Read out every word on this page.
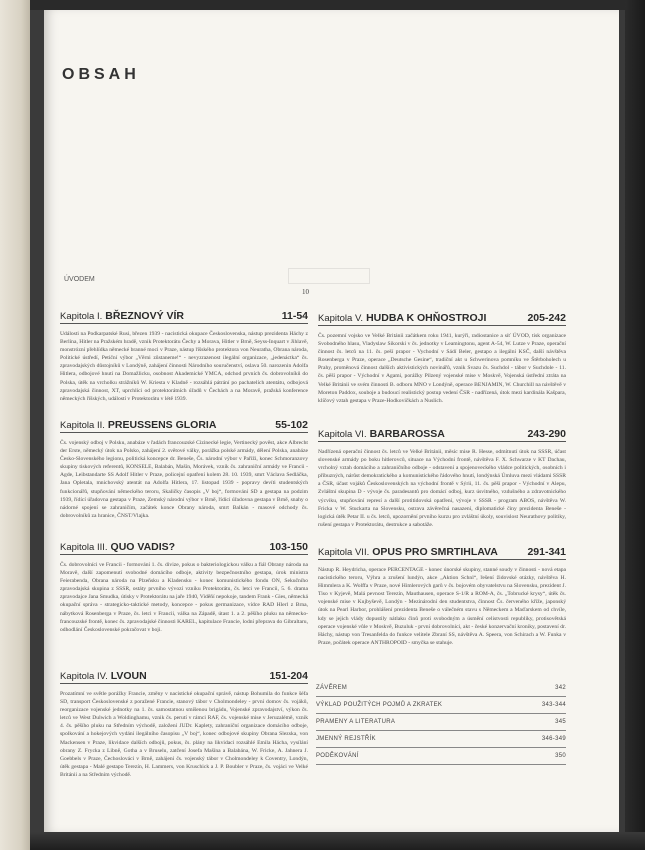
OBSAH
ÚVODEM
10
Kapitola I. BŘEZNOVÝ VÍR	11-54
Události na Podkarpatské Rusi, březen 1939 - nacistická okupace Československa, nástup prezidenta Háchy z Berlína, Hitler na Pražském hradě, vznik Protektorátu Čechy a Morava, Hitler v Brně, Seyss-Inquart v Jihlavě, monstrózní přehlídka německé branné moci v Praze, nástup říšského protektora von Neuratha, Obrana národa, Politické ústředí, Petiční výbor „Věrni zůstaneme!“ - nevyzrazenost ilegální organizace, „jedenáctka“ čs. zpravodajských důstojníků v Londýně, zahájení činnosti Národního souručenství, oslava 50. narozenin Adolfa Hitlera, odbojové hnutí na Domažlicku, osobnost Akademické YMCA, odchod prvních čs. dobrovolníků do Polska, útěk na vrcholku strážníků W. Kriesta v Kladně - rozsáhlá pátrání po pachatelích atentátu, odbojová zpravodajská činnost, XT, uprchlíci od protektorátních úřadů v Čechách a na Moravě, pražská konference německých říšských, událostí v Protektorátu v létě 1939.
Kapitola II. PREUSSENS GLORIA	55-102
Čs. vojenský odboj v Polsku, anabáze v řadách francouzské Cizinecké legie, Vertinecký pověst, akce Albrecht der Erste, německý útok na Polsko, zahájení 2. světové války, porážka polské armády, dělení Polska, anabáze Česko-Slovenského legionu, politická koncepce dr. Beneše, Čs. národní výbor v Paříži, konec Schmoranzovy skupiny tiskových referentů, KONSELE, Balabán, Mašín, Morávek, vznik čs. zahraniční armády ve Francii - Agde, Leibstandarte SS Adolf Hitler v Praze, policejní opatření kolem 28. 10. 1939, smrt Václava Sedláčka, Jana Opletala, mnichovský atentát na Adolfa Hitlera, 17. listopad 1939 - popravy devíti studentských funkcionářů, stupňování německého teroru, Skaličky časopis „V boj“, formování SD a gestapa na podzim 1939, řídící úřadovna gestapa v Praze, Zemský národní výbor v Brně, řídící úřadovna gestapa v Brně, snahy o nádorné spojení se zahraničím, začátek konce Obrany národa, smrt Balkán - masové odchody čs. dobrovolníků za hranice, ČNST/Vlajka.
Kapitola III. QUO VADIS?	103-150
Čs. dobrovolníci ve Francii - formování 1. čs. divize, pokus o bakteriologickou válku a fiál Obrany národa na Moravě, další zapomenutí svobodné domácího odboje, aktivity bezpečnostního gestapa, úrok ministra Feierabenda, Obrana národa na Plzeňsku a Kladensku - konec komunistického fondu ON, Sekučního zpravodajská skupina z SSSR, ostáty prvního vývozí vzniku Protektorátu, čs. letci ve Francii, 5. 6. drama zpravodajce Jana Smudka, útisky v Protektorátu na jaře 1940, Viděňí nepokoje, tandem Frank - Gies, německá okupační správa - strategicko-taktické metody, koncepce - pokus germanizace, vídce RAD Hlerl z Brna, nábytková Rosenberga v Praze, čs. letci v Francii, válka na Západě, útast 1. a 2. pěšího pluku na německo-francouzské frontě, konec čs. zpravodajské činnosti KAREL, kapitulace Francie, lodní přeprava do Gibraltaru, odhodlání Československé pokračovat v boji.
Kapitola IV. LVOUN	151-204
Prozatímní ve světle porážky Francie, změny v nacistické okupační správě, nástup Bohumila do funkce šéfa SD, transport Československé z poražené Francie, stanový tábor v Cholmondeley - první domov čs. vojáků, reorganizace vojenské jednotky na 1. čs. samostatnou smíšenou brigádu, Vojenské zpravodajství, výkon čs. letců ve West Dulwich a Woldinghamu, vznik čs. perutí v rámci RAF, čs. vojenské mise v Jeruzalémě, vznik 4. čs. pěšího pluku na Středním východě, založení JUDr. Kaplety, zahraniční organizace domácího odboje, spolkování a hokejových vydání ilegálního časopisu „V boj“, konec odbojové skupiny Obrana Slezska, von Mackensen v Praze, likvidace dalších odbojů, pokus, čs. plány na likvidaci rozsáhlé Emila Hácha, vysílání obrany Z. Frycka z Libně, Gotha a v Bruselu, zatčení Josefa Mašína a Balabána, W. Fricke, A. Jahnera J. Goebbels v Praze, Čechoslováci v Brně, zahájení čs. vojenský tábor v Cholmondeley k Coventry, Londýn, útěk gestapa - Malé gestapo Terezín, H. Lammers, von Kruschick a J. P. Boubler v Praze, čs. vojáci ve Velké Británii a na Středním východě.
Kapitola V. HUDBA K OHŇOSTROJI	205-242
Čs. pozemní vojsko ve Velké Británii začátkem roku 1941, kurýři, radiostanice a síť ÚVOD, tisk organizace Svobodného hlasu, Vladyslaw Sikorski v čs. jednotky v Leamingtonu, agent A-54, W. Lutze v Praze, operační činnost čs. letců na 11. čs. peší prapor - Vychodní v Sádí Beler, gestapo a ilegální KSČ, další návštěva Rosenberga v Praze, operace „Deutsche Gesine“, tradiční akt u Schwerinova pomníku ve Štěrboholech u Prahy, proměnová činnost dalších aktivistických novinářů, vznik Svazu čs. Suchdol - tábor v Suchdole - 11. čs. pěší prapor - Východní v Agami, porážky Pilzený vojenské mise v Moskvě, Vojenská ústřední ztráta na Velké Británii ve svém činnosti B. odboru MNO v Londýně, operace BENJAMIN, W. Churchill na návštěvě v Moreton Paddox, souboje a budoucí realistický postup vedení ČSR - nadřízená, útok mezi kardinála Kašpara, klíčový vztah gestapa v Praze-Hodkovičkách a Nuslích.
Kapitola VI. BARBAROSSA	243-290
Nadřízená operační činnost čs. letců ve Velké Británii, měsíc mise R. Hesse, odmítnutí útok na SSSR, účast slovenské armády po boku hitlerovců, situace na Východní frontě, návštěva F. X. Schwarze v KT Dachau, vrcholný vztah domácího a zahraničního odboje - odstavení a spojenoveckého vládce politických, osobních i příbuzných, nárůst demokratického a komunistického řádového hnutí, londýnská Úmluva mezi vládami SSSR a ČSR, účast vojáků Československých na východní frontě v Sýrii, 11. čs. pěší prapor - Východní v Alepu, Zvláštní skupina D - vývoje čs. paradesantů pro domácí odboj, kurz úsvitného, vzdušného a zdravotnického výcviku, stupňování represí a další protitidovská opatření, vývoje v SSSR - program ABOS, návštěva W. Fricka v W. Stuckarta na Slovensku, ostrava závěrečná nasazení, diplomatické činy prezidenta Beneše - logická útěk Petar II. u čs. letců, upozornění prvního kurzu pro zvláštní úkoly, souvislost Neurathovy politiky, rušení gestapa v Protektorátu, destrukce a sabotáže.
Kapitola VII. OPUS PRO SMRTIHLAVA	291-341
Nástup R. Heydricha, operace PERCENTAGE - konec únorské skupiny, stanné soudy v činnosti - nová etapa nacistického teroru, Výhra a zrušení lundýn, akce „Aktion Schnl“, řešení židovské otázky, návštěva H. Himmlera a K. Wolffa v Praze, nové Himlerových garů v čs. bojovém obyvatelstvu na Slovensku, prezident J. Tiso v Kyjevě, Malá pevnost Terezín, Mauthausen, operace S-1/R a ROM-A, čs. „Tobrucké krysy“, útěk čs. vojenské mise v Kujbyševě, Londýn - Mezinárodní den studentstva, činnost Čs. červeného kříže, japonský útok na Pearl Harbor, prohlášení prezidenta Beneše o válečném stavu s Německem a Maďarskem od chvíle, kdy se jejich vlády dopustily nátlaku činů proti svobodným a úsmění celistvosti republiky, protisovětská operace vojenské vůle v Moskvě, Buzuluk - první dobrovolníci, akt - české konzervační kroniky, postavení dr. Háchy, nástup von Tresanfelda do funkce velitele Zbraní SS, návštěva A. Speera, von Schirach a W. Funka v Praze, počátek operace ANTHROPOID - smyčka se stahuje.
ZÁVĚREM	342
VÝKLAD POUŽITÝCH POJMŮ A ZKRATEK	343-344
PRAMENY A LITERATURA	345
JMENNÝ REJSTŘÍK	346-349
PODĚKOVÁNÍ	350
